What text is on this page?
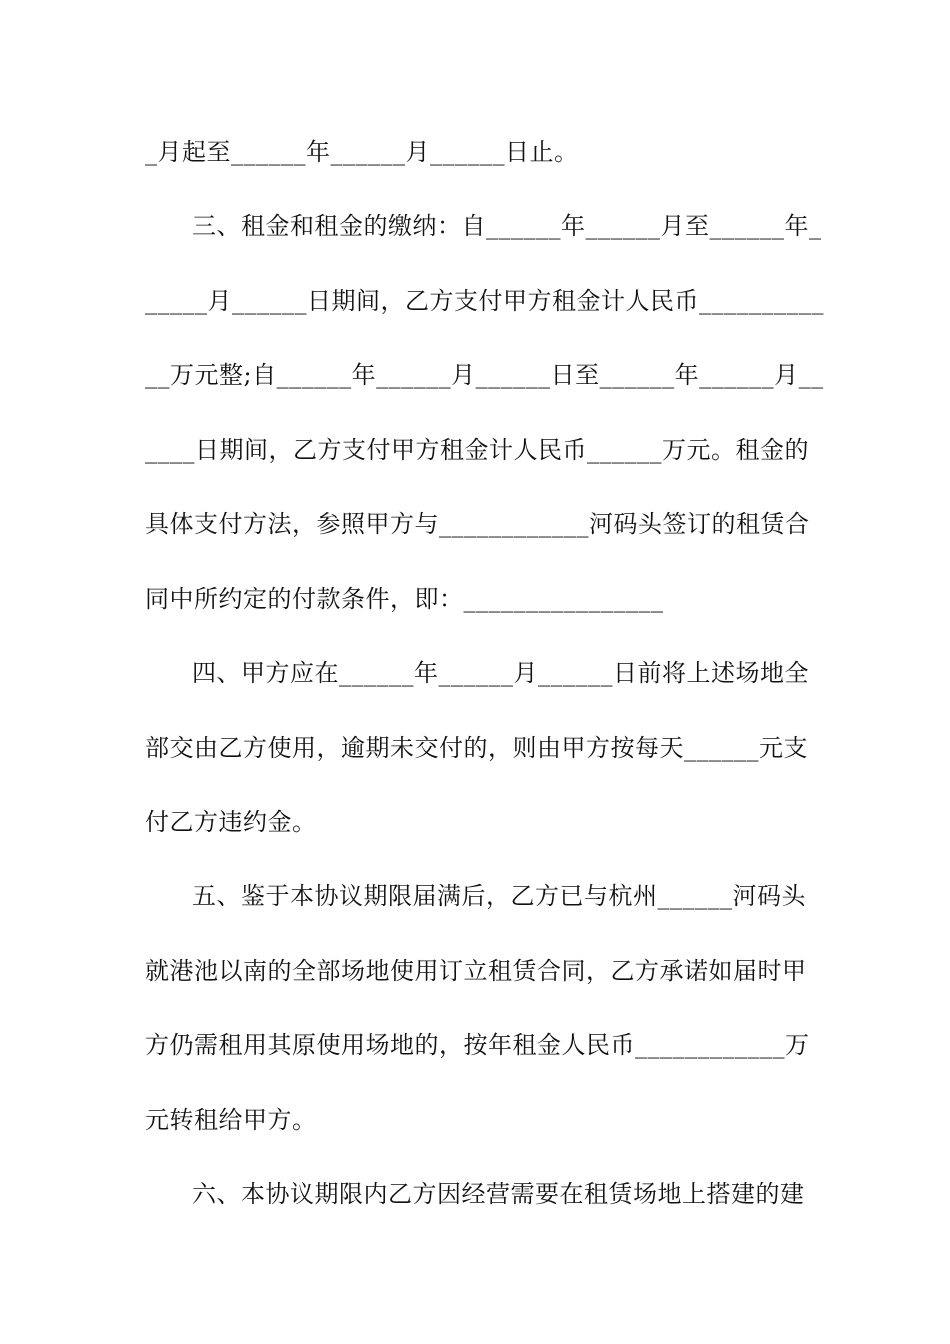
_月起至______年______月______日止。
三、租金和租金的缴纳：自______年______月至______年_
_____月______日期间，乙方支付甲方租金计人民币__________
__万元整;自______年______月______日至______年______月__
____日期间，乙方支付甲方租金计人民币______万元。租金的
具体支付方法，参照甲方与____________河码头签订的租赁合
同中所约定的付款条件，即：________________
四、甲方应在______年______月______日前将上述场地全
部交由乙方使用，逾期未交付的，则由甲方按每天______元支
付乙方违约金。
五、鉴于本协议期限届满后，乙方已与杭州______河码头
就港池以南的全部场地使用订立租赁合同，乙方承诺如届时甲
方仍需租用其原使用场地的，按年租金人民币____________万
元转租给甲方。
六、本协议期限内乙方因经营需要在租赁场地上搭建的建
